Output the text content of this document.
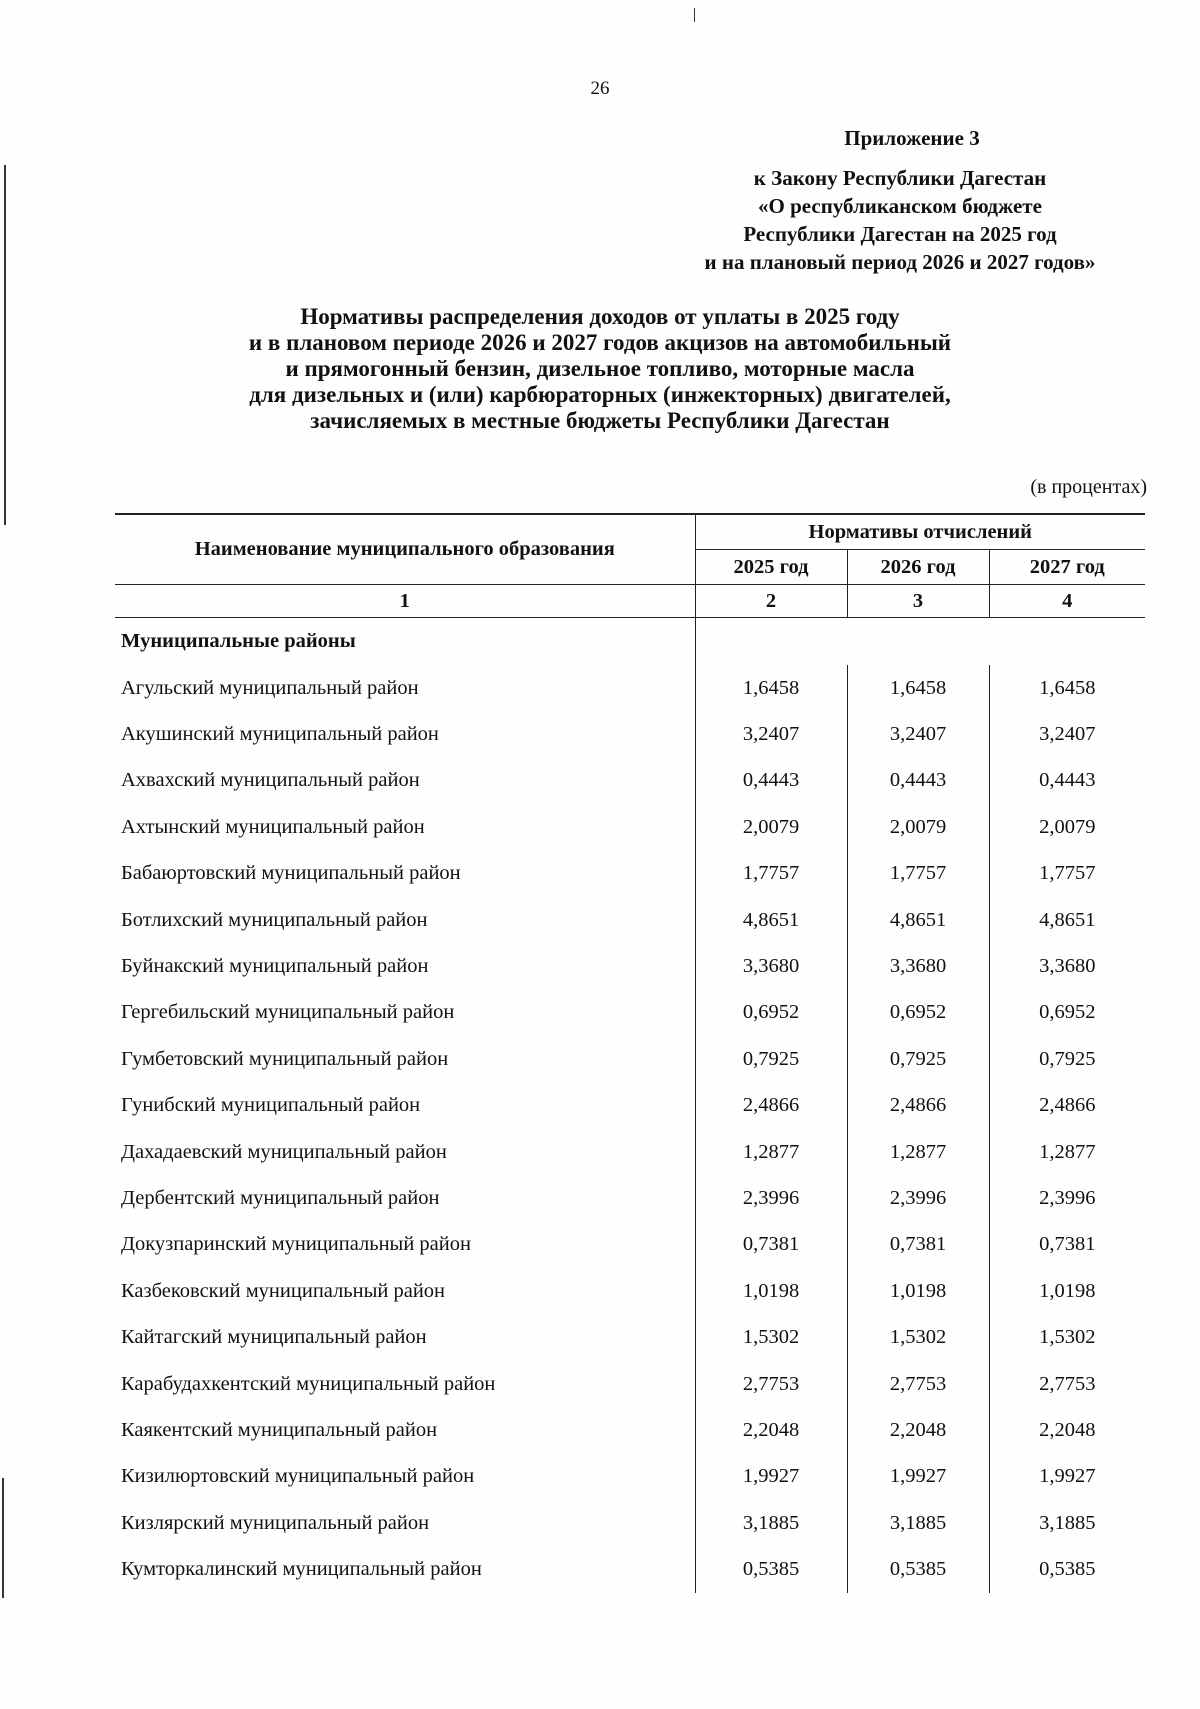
26
Приложение 3
к Закону Республики Дагестан
«О республиканском бюджете
Республики Дагестан на 2025 год
и на плановый период 2026 и 2027 годов»
Нормативы распределения доходов от уплаты в 2025 году
и в плановом периоде 2026 и 2027 годов акцизов на автомобильный
и прямогонный бензин, дизельное топливо, моторные масла
для дизельных и (или) карбюраторных (инжекторных) двигателей,
зачисляемых в местные бюджеты Республики Дагестан
(в процентах)
Наименование муниципального образования	Нормативы отчислений		
	2025 год	2026 год	2027 год
1	2	3	4
Муниципальные районы			
Агульский муниципальный район	1,6458	1,6458	1,6458
Акушинский муниципальный район	3,2407	3,2407	3,2407
Ахвахский муниципальный район	0,4443	0,4443	0,4443
Ахтынский муниципальный район	2,0079	2,0079	2,0079
Бабаюртовский муниципальный район	1,7757	1,7757	1,7757
Ботлихский муниципальный район	4,8651	4,8651	4,8651
Буйнакский муниципальный район	3,3680	3,3680	3,3680
Гергебильский муниципальный район	0,6952	0,6952	0,6952
Гумбетовский муниципальный район	0,7925	0,7925	0,7925
Гунибский муниципальный район	2,4866	2,4866	2,4866
Дахадаевский муниципальный район	1,2877	1,2877	1,2877
Дербентский муниципальный район	2,3996	2,3996	2,3996
Докузпаринский муниципальный район	0,7381	0,7381	0,7381
Казбековский муниципальный район	1,0198	1,0198	1,0198
Кайтагский муниципальный район	1,5302	1,5302	1,5302
Карабудахкентский муниципальный район	2,7753	2,7753	2,7753
Каякентский муниципальный район	2,2048	2,2048	2,2048
Кизилюртовский муниципальный район	1,9927	1,9927	1,9927
Кизлярский муниципальный район	3,1885	3,1885	3,1885
Кумторкалинский муниципальный район	0,5385	0,5385	0,5385
